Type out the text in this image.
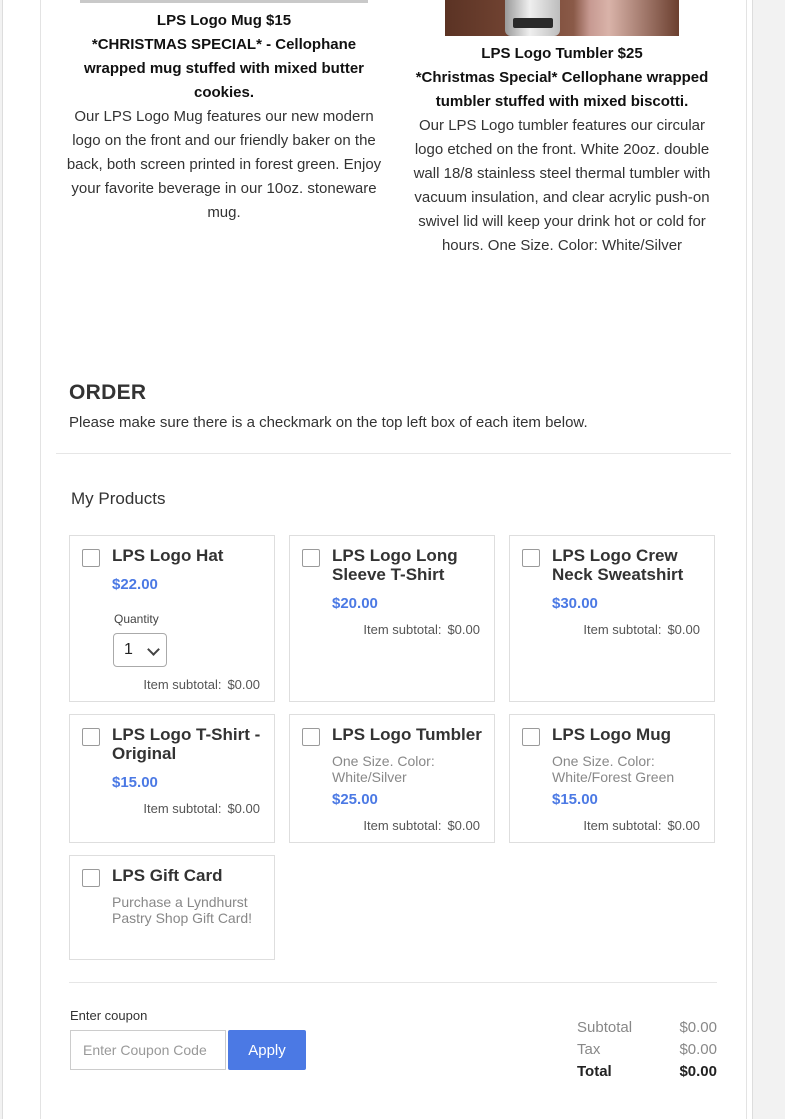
LPS Logo Mug $15
*CHRISTMAS SPECIAL* - Cellophane wrapped mug stuffed with mixed butter cookies.
Our LPS Logo Mug features our new modern logo on the front and our friendly baker on the back, both screen printed in forest green. Enjoy your favorite beverage in our 10oz. stoneware mug.
LPS Logo Tumbler $25
*Christmas Special* Cellophane wrapped tumbler stuffed with mixed biscotti.
Our LPS Logo tumbler features our circular logo etched on the front. White 20oz. double wall 18/8 stainless steel thermal tumbler with vacuum insulation, and clear acrylic push-on swivel lid will keep your drink hot or cold for hours. One Size. Color: White/Silver
ORDER
Please make sure there is a checkmark on the top left box of each item below.
My Products
LPS Logo Hat
$22.00
Quantity
1
Item subtotal: $0.00
LPS Logo Long Sleeve T-Shirt
$20.00
Item subtotal: $0.00
LPS Logo Crew Neck Sweatshirt
$30.00
Item subtotal: $0.00
LPS Logo T-Shirt - Original
$15.00
Item subtotal: $0.00
LPS Logo Tumbler
One Size. Color: White/Silver
$25.00
Item subtotal: $0.00
LPS Logo Mug
One Size. Color: White/Forest Green
$15.00
Item subtotal: $0.00
LPS Gift Card
Purchase a Lyndhurst Pastry Shop Gift Card!
Enter coupon
Enter Coupon Code
Apply
Subtotal	$0.00
Tax	$0.00
Total	$0.00
